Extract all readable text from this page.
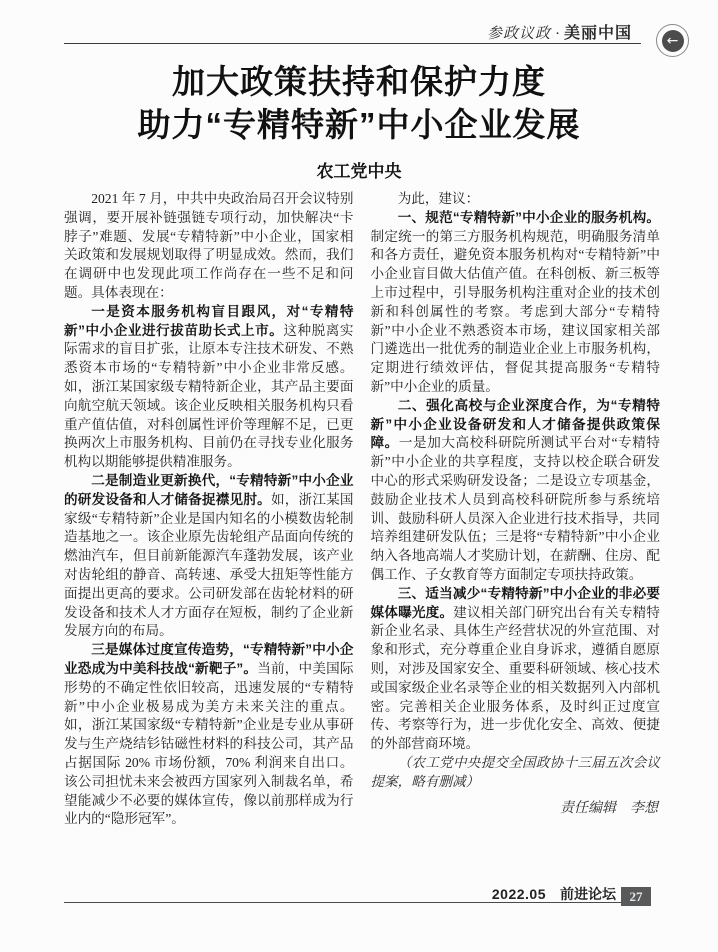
参政议政 · 美丽中国	←
加大政策扶持和保护力度
助力“专精特新”中小企业发展
农工党中央

2021 年 7 月，中共中央政治局召开会议特别强调，要开展补链强链专项行动，加快解决“卡脖子”难题、发展“专精特新”中小企业，国家相关政策和发展规划取得了明显成效。然而，我们在调研中也发现此项工作尚存在一些不足和问题。具体表现在：

一是资本服务机构盲目跟风，对“专精特新”中小企业进行拔苗助长式上市。这种脱离实际需求的盲目扩张，让原本专注技术研发、不熟悉资本市场的“专精特新”中小企业非常反感。如，浙江某国家级专精特新企业，其产品主要面向航空航天领域。该企业反映相关服务机构只看重产值估值，对科创属性评价等理解不足，已更换两次上市服务机构、目前仍在寻找专业化服务机构以期能够提供精准服务。

二是制造业更新换代，“专精特新”中小企业的研发设备和人才储备捉襟见肘。如，浙江某国家级“专精特新”企业是国内知名的小模数齿轮制造基地之一。该企业原先齿轮组产品面向传统的燃油汽车，但目前新能源汽车蓬勃发展，该产业对齿轮组的静音、高转速、承受大扭矩等性能方面提出更高的要求。公司研发部在齿轮材料的研发设备和技术人才方面存在短板，制约了企业新发展方向的布局。

三是媒体过度宣传造势，“专精特新”中小企业恐成为中美科技战“新靶子”。当前，中美国际形势的不确定性依旧较高，迅速发展的“专精特新”中小企业极易成为美方未来关注的重点。如，浙江某国家级“专精特新”企业是专业从事研发与生产烧结钐钴磁性材料的科技公司，其产品占据国际 20% 市场份额，70% 利润来自出口。该公司担忧未来会被西方国家列入制裁名单，希望能减少不必要的媒体宣传，像以前那样成为行业内的“隐形冠军”。

为此，建议：

一、规范“专精特新”中小企业的服务机构。制定统一的第三方服务机构规范，明确服务清单和各方责任，避免资本服务机构对“专精特新”中小企业盲目做大估值产值。在科创板、新三板等上市过程中，引导服务机构注重对企业的技术创新和科创属性的考察。考虑到大部分“专精特新”中小企业不熟悉资本市场，建议国家相关部门遴选出一批优秀的制造业企业上市服务机构，定期进行绩效评估，督促其提高服务“专精特新”中小企业的质量。

二、强化高校与企业深度合作，为“专精特新”中小企业设备研发和人才储备提供政策保障。一是加大高校科研院所测试平台对“专精特新”中小企业的共享程度，支持以校企联合研发中心的形式采购研发设备；二是设立专项基金，鼓励企业技术人员到高校科研院所参与系统培训、鼓励科研人员深入企业进行技术指导，共同培养组建研发队伍；三是将“专精特新”中小企业纳入各地高端人才奖励计划，在薪酬、住房、配偶工作、子女教育等方面制定专项扶持政策。

三、适当减少“专精特新”中小企业的非必要媒体曝光度。建议相关部门研究出台有关专精特新企业名录、具体生产经营状况的外宣范围、对象和形式，充分尊重企业自身诉求，遵循自愿原则，对涉及国家安全、重要科研领域、核心技术或国家级企业名录等企业的相关数据列入内部机密。完善相关企业服务体系，及时纠正过度宣传、考察等行为，进一步优化安全、高效、便捷的外部营商环境。

（农工党中央提交全国政协十三届五次会议提案，略有删减）

责任编辑　李想

2022.05 前进论坛	27
